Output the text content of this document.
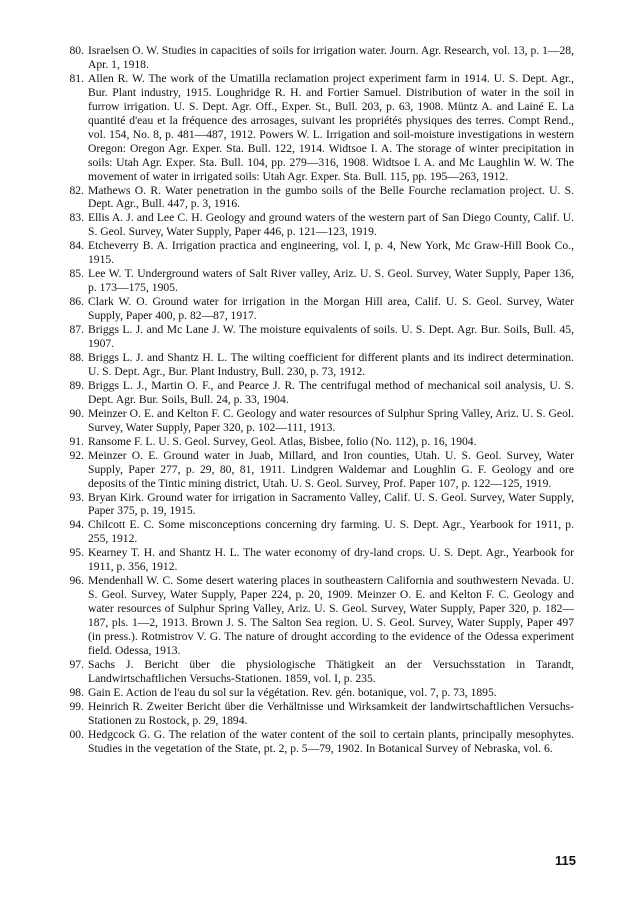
80. Israelsen O. W. Studies in capacities of soils for irrigation water. Journ. Agr. Research, vol. 13, p. 1—28, Apr. 1, 1918.
81. Allen R. W. The work of the Umatilla reclamation project experiment farm in 1914. U. S. Dept. Agr., Bur. Plant industry, 1915. Loughridge R. H. and Fortier Samuel. Distribution of water in the soil in furrow irrigation. U. S. Dept. Agr. Off., Exper. St., Bull. 203, p. 63, 1908. Müntz A. and Lainé E. La quantité d'eau et la fréquence des arrosages, suivant les propriétés physiques des terres. Compt Rend., vol. 154, No. 8, p. 481—487, 1912. Powers W. L. Irrigation and soil-moisture investigations in western Oregon: Oregon Agr. Exper. Sta. Bull. 122, 1914. Widtsoe I. A. The storage of winter precipitation in soils: Utah Agr. Exper. Sta. Bull. 104, pp. 279—316, 1908. Widtsoe I. A. and Mc Laughlin W. W. The movement of water in irrigated soils: Utah Agr. Exper. Sta. Bull. 115, pp. 195—263, 1912.
82. Mathews O. R. Water penetration in the gumbo soils of the Belle Fourche reclamation project. U. S. Dept. Agr., Bull. 447, p. 3, 1916.
83. Ellis A. J. and Lee C. H. Geology and ground waters of the western part of San Diego County, Calif. U. S. Geol. Survey, Water Supply, Paper 446, p. 121—123, 1919.
84. Etcheverry B. A. Irrigation practica and engineering, vol. I, p. 4, New York, Mc Graw-Hill Book Co., 1915.
85. Lee W. T. Underground waters of Salt River valley, Ariz. U. S. Geol. Survey, Water Supply, Paper 136, p. 173—175, 1905.
86. Clark W. O. Ground water for irrigation in the Morgan Hill area, Calif. U. S. Geol. Survey, Water Supply, Paper 400, p. 82—87, 1917.
87. Briggs L. J. and Mc Lane J. W. The moisture equivalents of soils. U. S. Dept. Agr. Bur. Soils, Bull. 45, 1907.
88. Briggs L. J. and Shantz H. L. The wilting coefficient for different plants and its indirect determination. U. S. Dept. Agr., Bur. Plant Industry, Bull. 230, p. 73, 1912.
89. Briggs L. J., Martin O. F., and Pearce J. R. The centrifugal method of mechanical soil analysis, U. S. Dept. Agr. Bur. Soils, Bull. 24, p. 33, 1904.
90. Meinzer O. E. and Kelton F. C. Geology and water resources of Sulphur Spring Valley, Ariz. U. S. Geol. Survey, Water Supply, Paper 320, p. 102—111, 1913.
91. Ransome F. L. U. S. Geol. Survey, Geol. Atlas, Bisbee, folio (No. 112), p. 16, 1904.
92. Meinzer O. E. Ground water in Juab, Millard, and Iron counties, Utah. U. S. Geol. Survey, Water Supply, Paper 277, p. 29, 80, 81, 1911. Lindgren Waldemar and Loughlin G. F. Geology and ore deposits of the Tintic mining district, Utah. U. S. Geol. Survey, Prof. Paper 107, p. 122—125, 1919.
93. Bryan Kirk. Ground water for irrigation in Sacramento Valley, Calif. U. S. Geol. Survey, Water Supply, Paper 375, p. 19, 1915.
94. Chilcott E. C. Some misconceptions concerning dry farming. U. S. Dept. Agr., Yearbook for 1911, p. 255, 1912.
95. Kearney T. H. and Shantz H. L. The water economy of dry-land crops. U. S. Dept. Agr., Yearbook for 1911, p. 356, 1912.
96. Mendenhall W. C. Some desert watering places in southeastern California and southwestern Nevada. U. S. Geol. Survey, Water Supply, Paper 224, p. 20, 1909. Meinzer O. E. and Kelton F. C. Geology and water resources of Sulphur Spring Valley, Ariz. U. S. Geol. Survey, Water Supply, Paper 320, p. 182—187, pls. 1—2, 1913. Brown J. S. The Salton Sea region. U. S. Geol. Survey, Water Supply, Paper 497 (in press.). Rotmistrov V. G. The nature of drought according to the evidence of the Odessa experiment field. Odessa, 1913.
97. Sachs J. Bericht über die physiologische Thätigkeit an der Versuchsstation in Tarandt, Landwirtschaftlichen Versuchs-Stationen. 1859, vol. I, p. 235.
98. Gain E. Action de l'eau du sol sur la végétation. Rev. gén. botanique, vol. 7, p. 73, 1895.
99. Heinrich R. Zweiter Bericht über die Verhältnisse und Wirksamkeit der landwirtschaftlichen Versuchs-Stationen zu Rostock, p. 29, 1894.
00. Hedgcock G. G. The relation of the water content of the soil to certain plants, principally mesophytes. Studies in the vegetation of the State, pt. 2, p. 5—79, 1902. In Botanical Survey of Nebraska, vol. 6.
115
